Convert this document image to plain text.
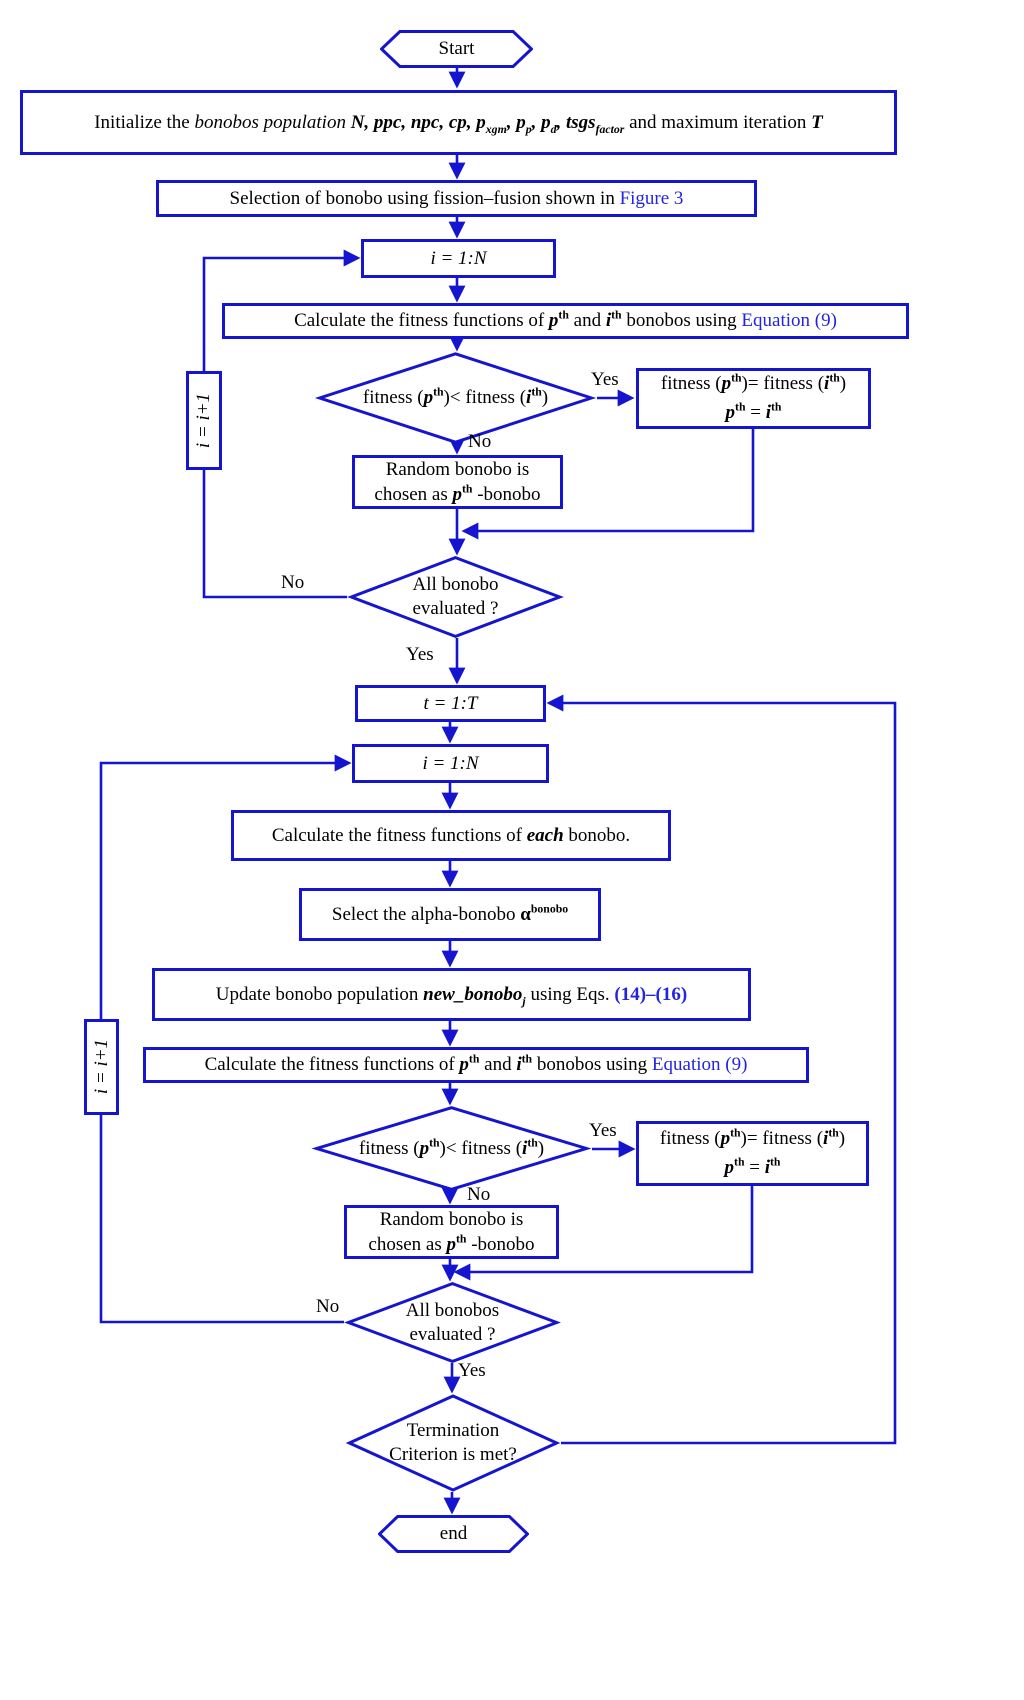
Start
Initialize the bonobos population N, ppc, npc, cp, $p_{xgm}$, $p_p$, $p_d$, tsgs$_{factor}$ and maximum iteration T
Selection of bonobo using fission–fusion shown in Figure 3
i = 1:N
Calculate the fitness functions of $p^{th}$ and $i^{th}$ bonobos using Equation (9)
fitness $(p^{th})<$ fitness $(i^{th})$
fitness $(p^{th})=$ fitness $(i^{th})$
$p^{th} = i^{th}$
Random bonobo is
chosen as $p^{th}$ -bonobo
All bonobo
evaluated ?
i = i+1
t = 1:T
i = 1:N
Calculate the fitness functions of each bonobo.
Select the alpha-bonobo $\alpha^{bonobo}$
Update bonobo population new_bonobo$_j$ using Eqs. (14)–(16)
Calculate the fitness functions of $p^{th}$ and $i^{th}$ bonobos using Equation (9)
fitness $(p^{th})<$ fitness $(i^{th})$	fitness $(p^{th})=$ fitness $(i^{th})$
$p^{th} = i^{th}$
Random bonobo is
chosen as $p^{th}$ -bonobo
All bonobos
evaluated ?
i = i+1
Termination
Criterion is met?
end
Yes
No
No
Yes
Yes
No
No
Yes
